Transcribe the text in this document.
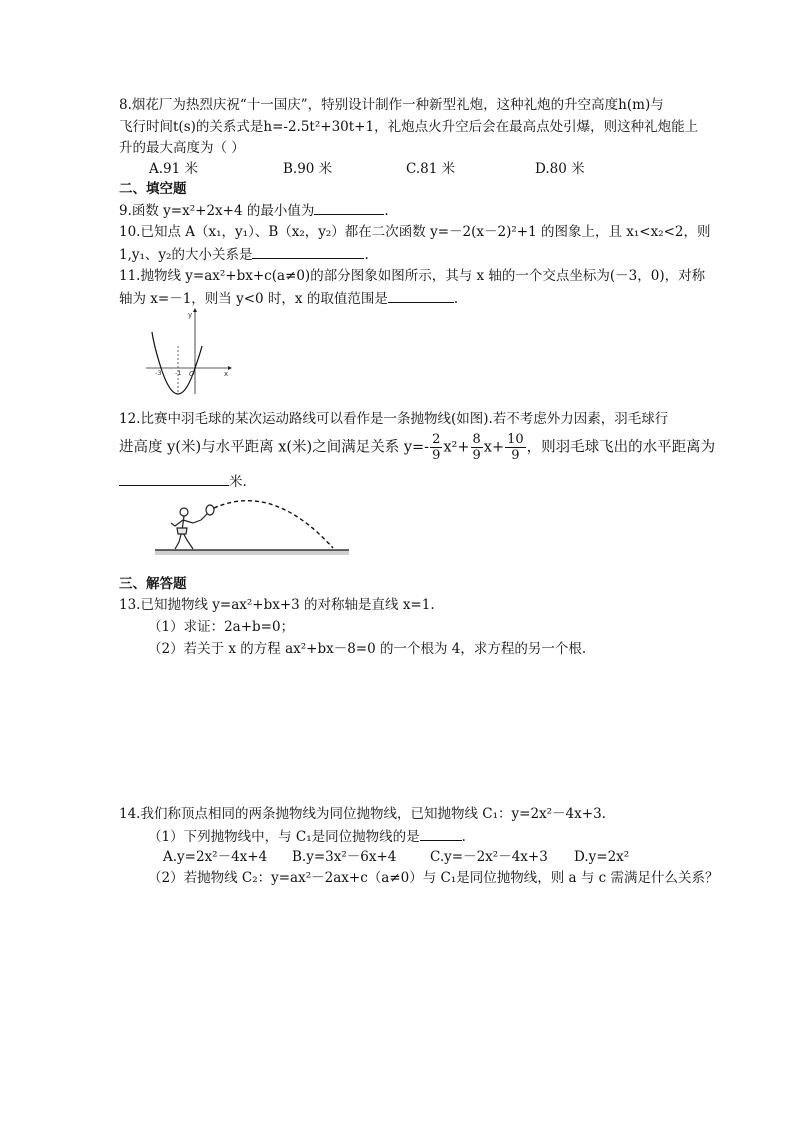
8.烟花厂为热烈庆祝“十一国庆”，特别设计制作一种新型礼炮，这种礼炮的升空高度h(m)与
飞行时间t(s)的关系式是h=-2.5t²+30t+1，礼炮点火升空后会在最高点处引爆，则这种礼炮能上
升的最大高度为（ ）
A.91 米	B.90 米	C.81 米	D.80 米
二、填空题
9.函数 y=x²+2x+4 的最小值为	.
10.已知点 A（x₁，y₁）、B（x₂，y₂）都在二次函数 y=－2(x－2)²+1 的图象上，且 x₁<x₂<2，则
1,y₁、y₂的大小关系是	.
11.抛物线 y=ax²+bx+c(a≠0)的部分图象如图所示，其与 x 轴的一个交点坐标为(－3，0)，对称
轴为 x=－1，则当 y<0 时，x 的取值范围是	.
y
x
-3 -1 O
12.比赛中羽毛球的某次运动路线可以看作是一条抛物线(如图).若不考虑外力因素，羽毛球行
进高度 y(米)与水平距离 x(米)之间满足关系 $y=- \frac{2}{9} x^2+ \frac{8}{9} x+ \frac{10}{9}$ ，则羽毛球飞出的水平距离为
米.
三、解答题
13.已知抛物线 y=ax²+bx+3 的对称轴是直线 x=1.
（1）求证：2a+b=0；
（2）若关于 x 的方程 ax²+bx－8=0 的一个根为 4，求方程的另一个根.
14.我们称顶点相同的两条抛物线为同位抛物线，已知抛物线 C₁：y=2x²－4x+3.
（1）下列抛物线中，与 C₁是同位抛物线的是	.
A.y=2x²－4x+4 B.y=3x²－6x+4 C.y=－2x²－4x+3 D.y=2x²
（2）若抛物线 C₂：y=ax²－2ax+c（a≠0）与 C₁是同位抛物线，则 a 与 c 需满足什么关系？
